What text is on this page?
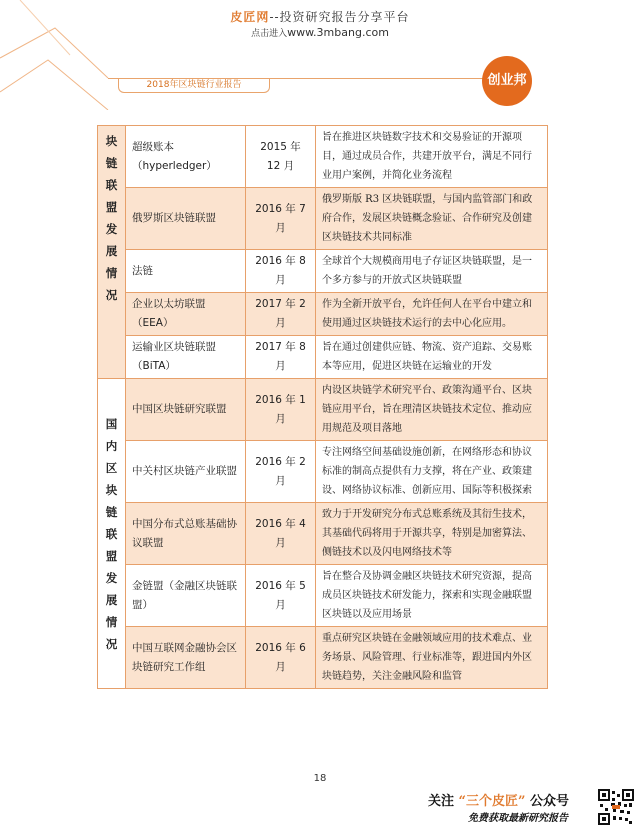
皮匠网--投资研究报告分享平台
点击进入www.3mbang.com
2018年区块链行业报告	创业邦
块链联盟发展情况	超级账本（hyperledger）	2015 年 12 月	旨在推进区块链数字技术和交易验证的开源项目，通过成员合作，共建开放平台，满足不同行业用户案例，并简化业务流程
	俄罗斯区块链联盟	2016 年 7 月	俄罗斯版 R3 区块链联盟，与国内监管部门和政府合作，发展区块链概念验证、合作研究及创建区块链技术共同标准
	法链	2016 年 8 月	全球首个大规模商用电子存证区块链联盟，是一个多方参与的开放式区块链联盟
	企业以太坊联盟（EEA）	2017 年 2 月	作为全新开放平台，允许任何人在平台中建立和使用通过区块链技术运行的去中心化应用。
	运输业区块链联盟（BiTA）	2017 年 8 月	旨在通过创建供应链、物流、资产追踪、交易账本等应用，促进区块链在运输业的开发

国内区块链联盟发展情况	中国区块链研究联盟	2016 年 1 月	内设区块链学术研究平台、政策沟通平台、区块链应用平台，旨在理清区块链技术定位、推动应用规范及项目落地
	中关村区块链产业联盟	2016 年 2 月	专注网络空间基础设施创新，在网络形态和协议标准的制高点提供有力支撑，将在产业、政策建设、网络协议标准、创新应用、国际等积极探索
	中国分布式总账基础协议联盟	2016 年 4 月	致力于开发研究分布式总账系统及其衍生技术，其基础代码将用于开源共享，特别是加密算法、侧链技术以及闪电网络技术等
	金链盟（金融区块链联盟）	2016 年 5 月	旨在整合及协调金融区块链技术研究资源，提高成员区块链技术研发能力，探索和实现金融联盟区块链以及应用场景
	中国互联网金融协会区块链研究工作组	2016 年 6 月	重点研究区块链在金融领域应用的技术难点、业务场景、风险管理、行业标准等，跟进国内外区块链趋势，关注金融风险和监管
18
关注 “三个皮匠” 公众号
免费获取最新研究报告
